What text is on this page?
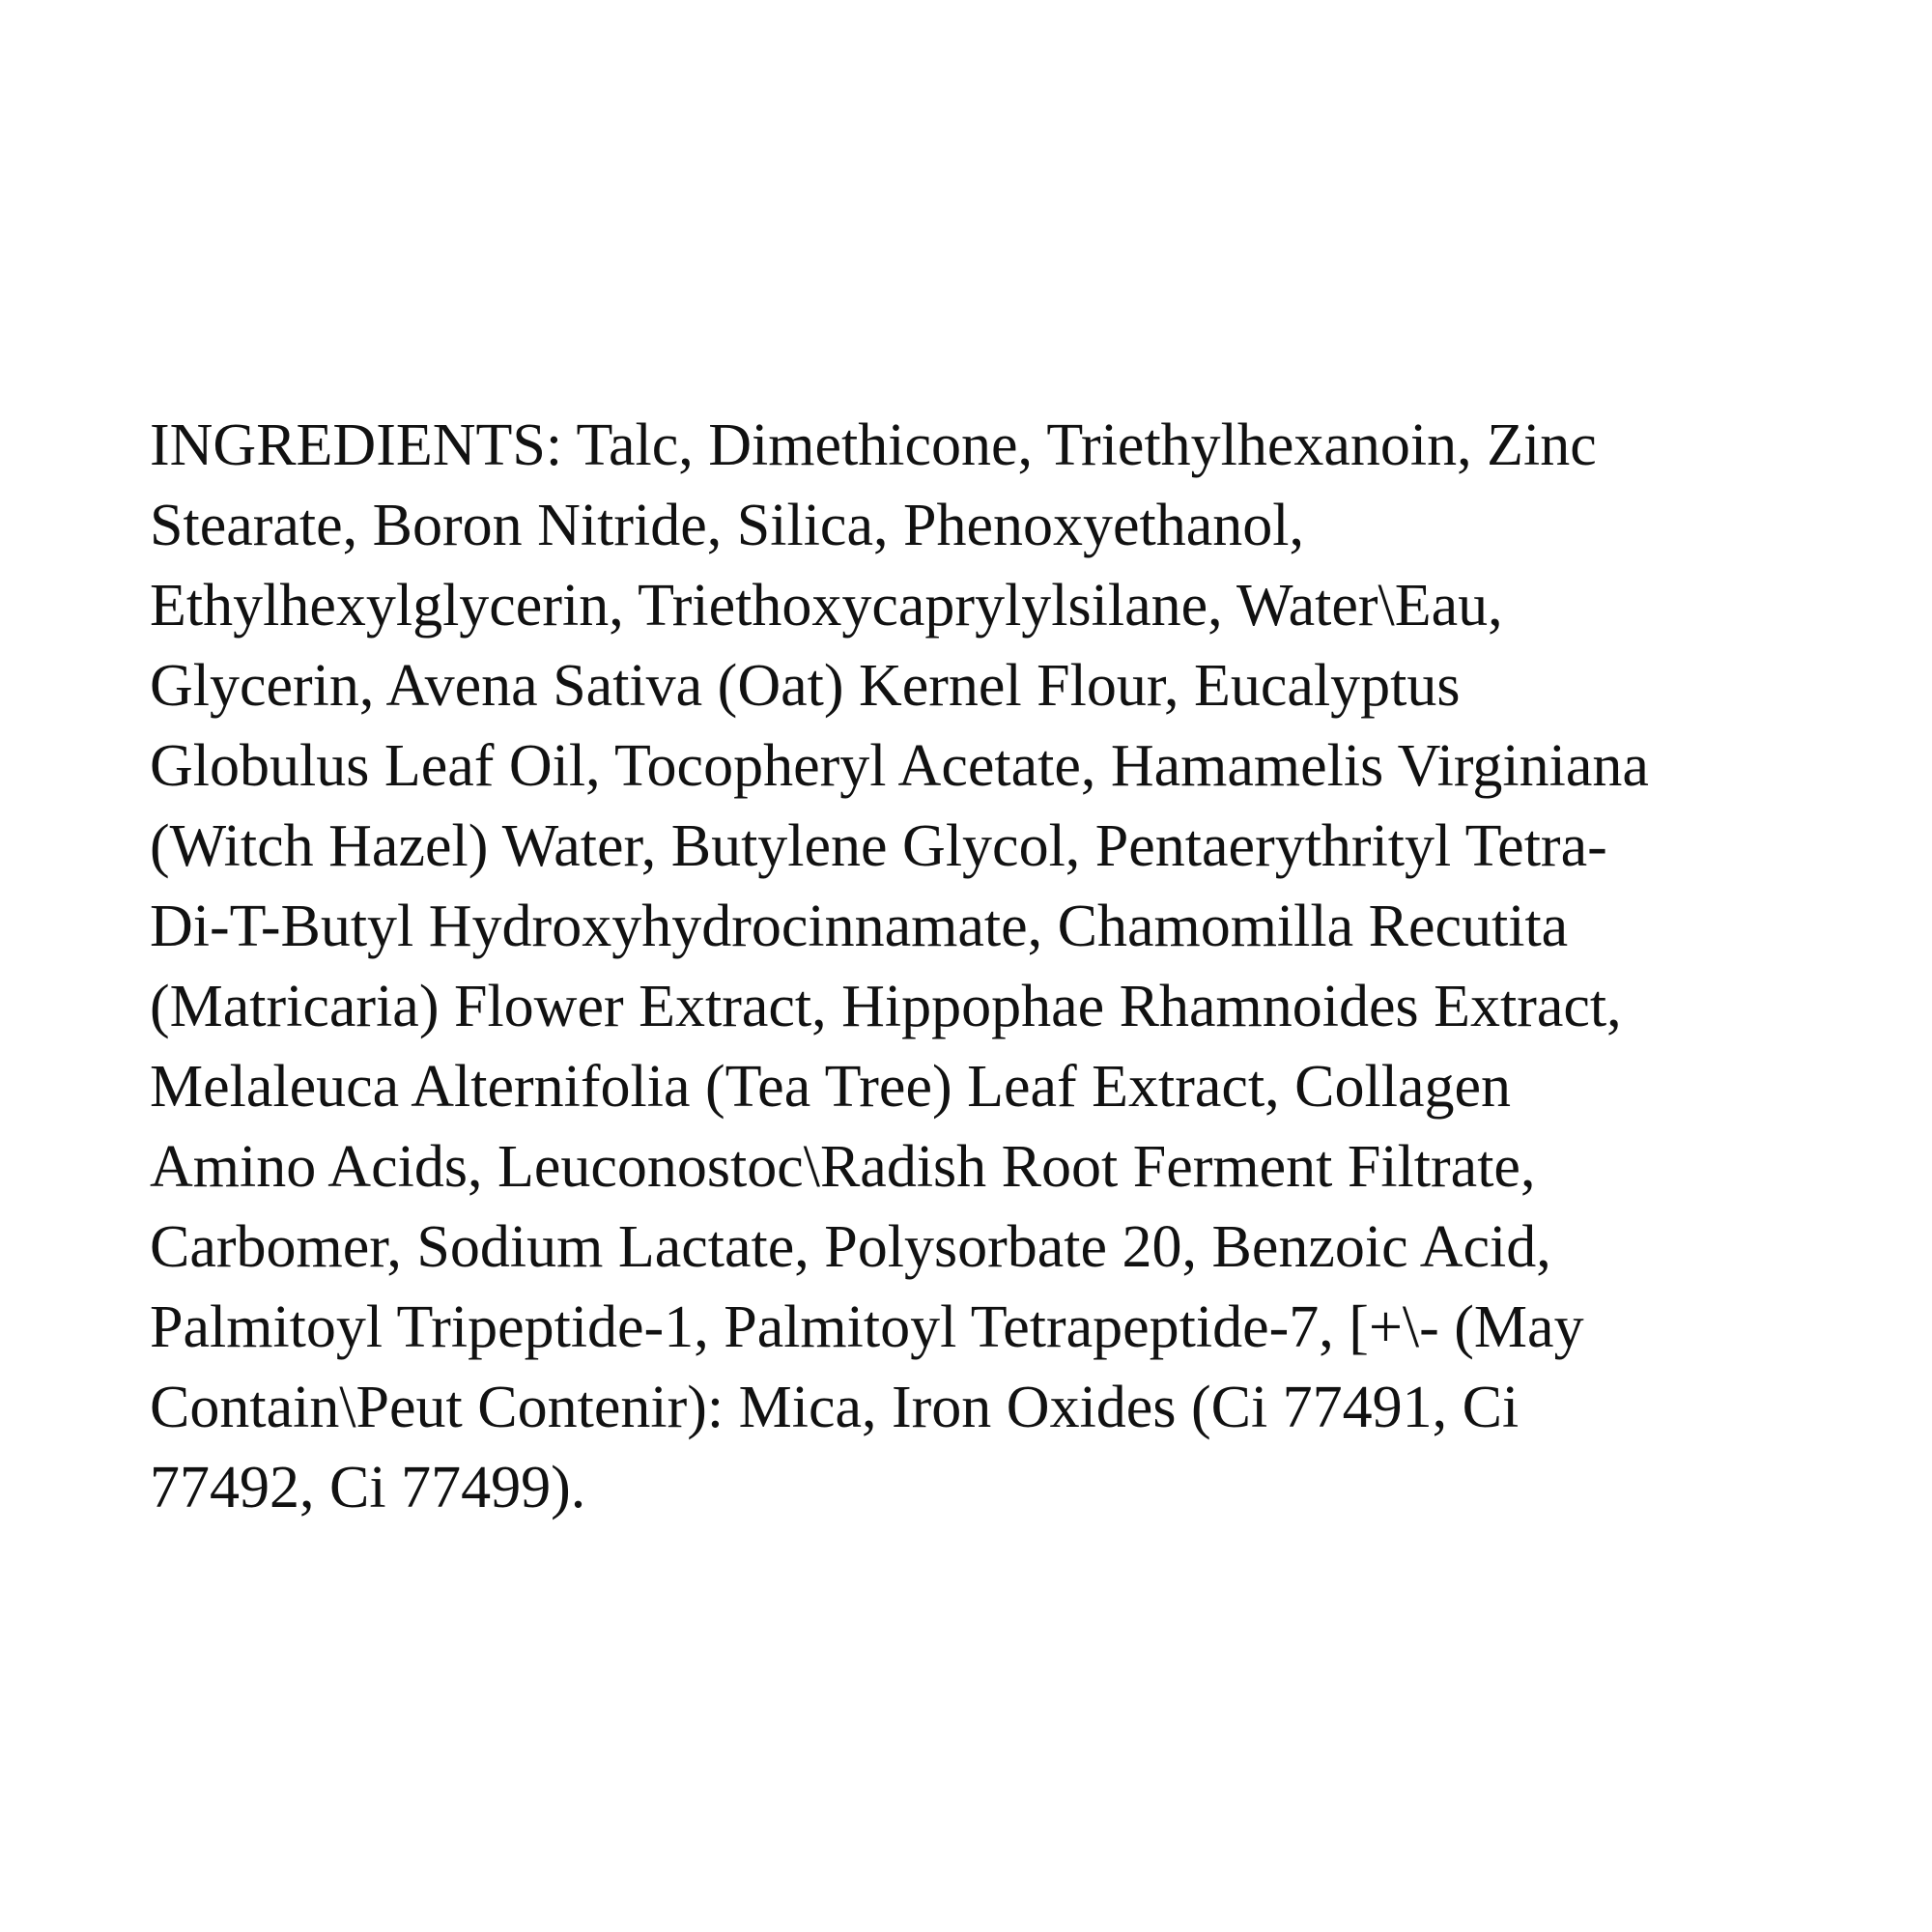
INGREDIENTS: Talc, Dimethicone, Triethylhexanoin, Zinc
Stearate, Boron Nitride, Silica, Phenoxyethanol,
Ethylhexylglycerin, Triethoxycaprylylsilane, Water\Eau,
Glycerin, Avena Sativa (Oat) Kernel Flour, Eucalyptus
Globulus Leaf Oil, Tocopheryl Acetate, Hamamelis Virginiana
(Witch Hazel) Water, Butylene Glycol, Pentaerythrityl Tetra-
Di-T-Butyl Hydroxyhydrocinnamate, Chamomilla Recutita
(Matricaria) Flower Extract, Hippophae Rhamnoides Extract,
Melaleuca Alternifolia (Tea Tree) Leaf Extract, Collagen
Amino Acids, Leuconostoc\Radish Root Ferment Filtrate,
Carbomer, Sodium Lactate, Polysorbate 20, Benzoic Acid,
Palmitoyl Tripeptide-1, Palmitoyl Tetrapeptide-7, [+\- (May
Contain\Peut Contenir): Mica, Iron Oxides (Ci 77491, Ci
77492, Ci 77499).
